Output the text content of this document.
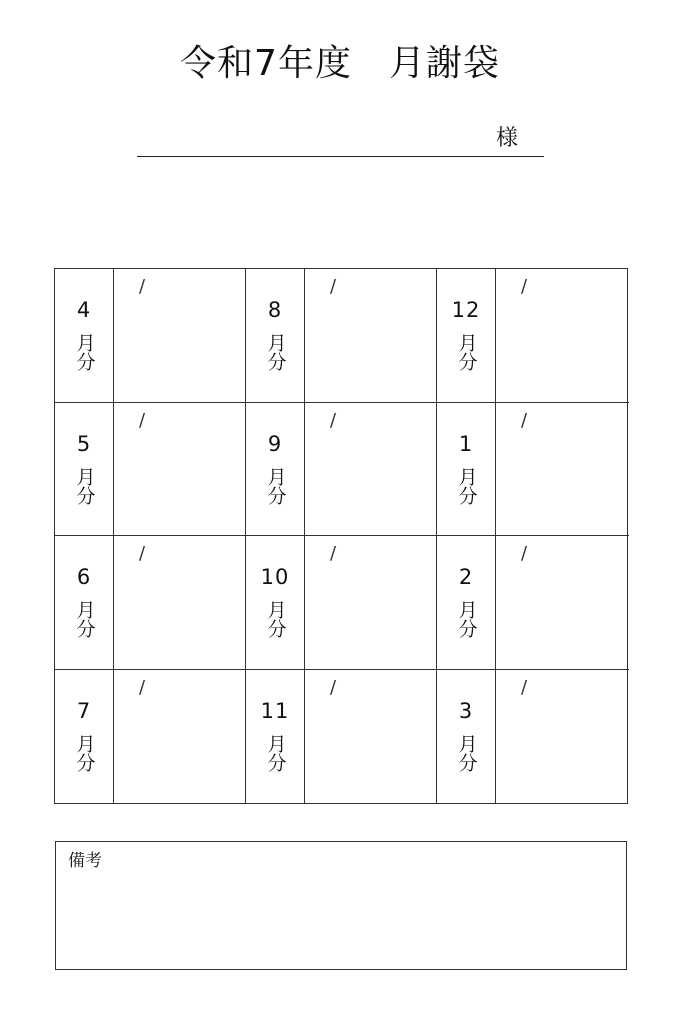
令和7年度　月謝袋
様
4
月分
/
8
月分
/
12
月分
/
5
月分
/
9
月分
/
1
月分
/
6
月分
/
10
月分
/
2
月分
/
7
月分
/
11
月分
/
3
月分
/
備考
